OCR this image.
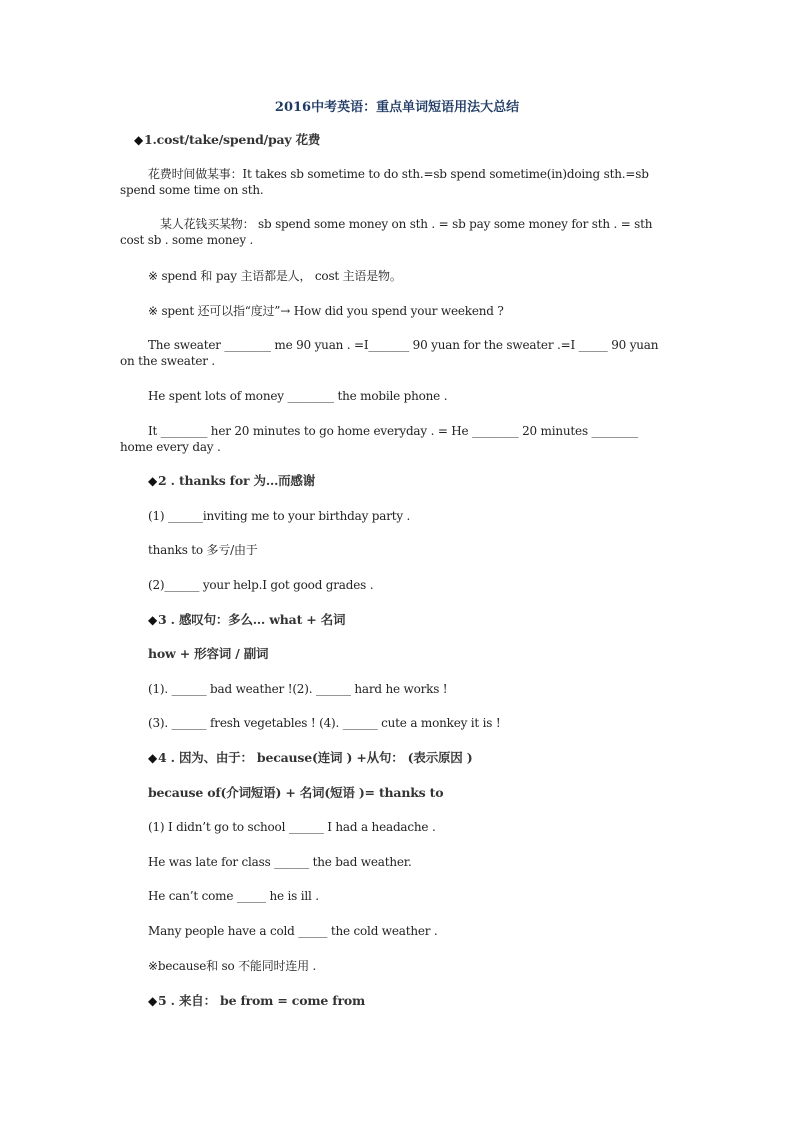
2016中考英语：重点单词短语用法大总结
◆1.cost/take/spend/pay 花费
花费时间做某事：It takes sb sometime to do sth.=sb spend sometime(in)doing sth.=sb spend some time on sth.
某人花钱买某物： sb spend some money on sth . = sb pay some money for sth . = sth cost sb . some money .
※ spend 和 pay 主语都是人， cost 主语是物。
※ spent 还可以指“度过”→ How did you spend your weekend ?
The sweater ________ me 90 yuan . =I_______ 90 yuan for the sweater .=I _____ 90 yuan on the sweater .
He spent lots of money ________ the mobile phone .
It ________ her 20 minutes to go home everyday . = He ________ 20 minutes ________ home every day .
◆2 . thanks for 为…而感谢
(1) ______inviting me to your birthday party .
thanks to 多亏/由于
(2)______ your help.I got good grades .
◆3 . 感叹句：多么… what + 名词
how + 形容词 / 副词
(1). ______ bad weather !(2). ______ hard he works !
(3). ______ fresh vegetables ! (4). ______ cute a monkey it is !
◆4 . 因为、由于： because(连词 ) +从句： (表示原因 )
because of(介词短语) + 名词(短语 )= thanks to
(1) I didn’t go to school ______ I had a headache .
He was late for class ______ the bad weather.
He can’t come _____ he is ill .
Many people have a cold _____ the cold weather .
※because和 so 不能同时连用 .
◆5 . 来自： be from = come from
